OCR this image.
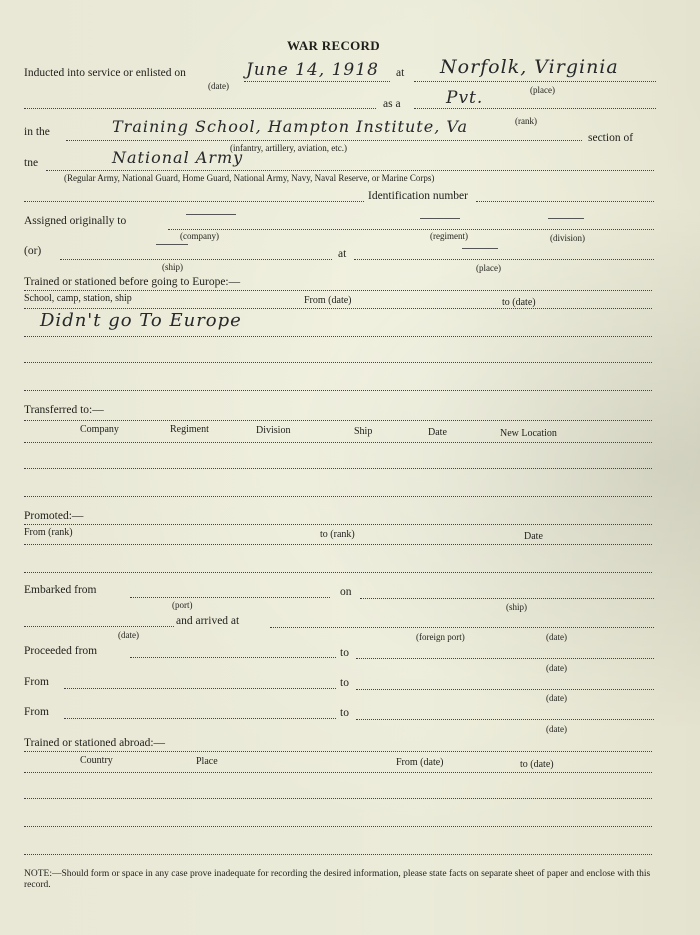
WAR RECORD
Inducted into service or enlisted on	June 14, 1918
(date)
at Norfolk, Virginia
(place)
as a	Pvt.
(rank)
in the	Training School, Hampton Institute, Va
section of
(infantry, artillery, aviation, etc.)
tne	National Army
(Regular Army, National Guard, Home Guard, National Army, Navy, Naval Reserve, or Marine Corps)
Identification number
Assigned originally to
(company)	(regiment)	(division)
(or)	at
(ship)	(place)
Trained or stationed before going to Europe:—
School, camp, station, ship	From (date)	to (date)
Didn't go To Europe
Transferred to:—
Company	Regiment	Division	Ship	Date	New Location
Promoted:—
From (rank)	to (rank)	Date
Embarked from	on
(port)	(ship)
and arrived at
(date)	(foreign port)	(date)
Proceeded from	to
(date)
From	to
(date)
From	to
(date)
Trained or stationed abroad:—
Country	Place	From (date)	to (date)
NOTE:—Should form or space in any case prove inadequate for recording the desired information, please state facts on separate sheet of paper and enclose with this record.
